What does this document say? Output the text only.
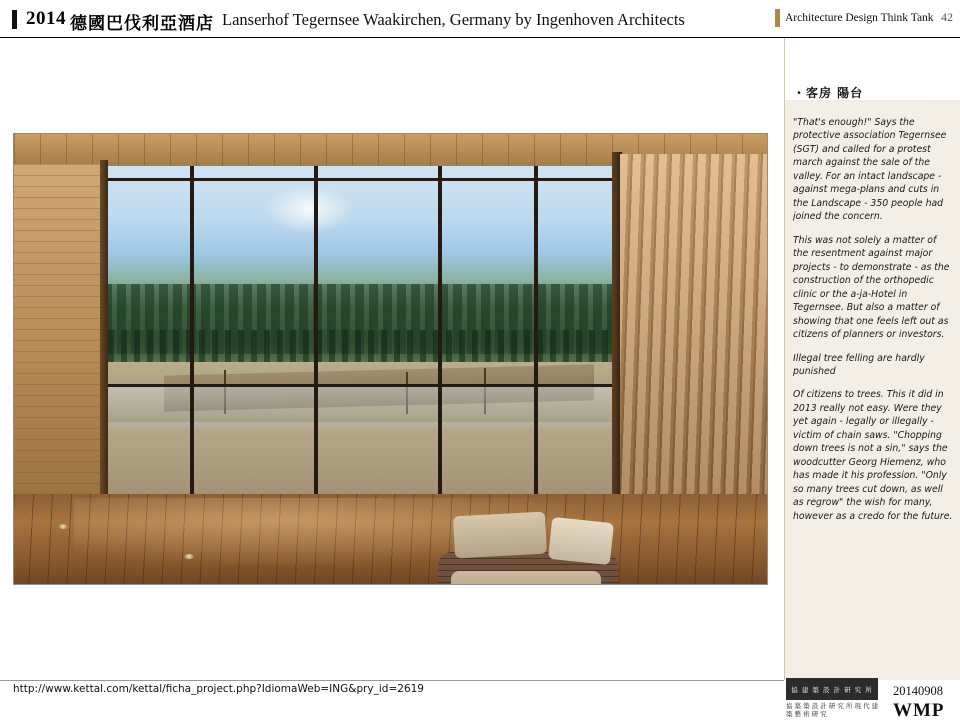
2014 德國巴伐利亞酒店 Lanserhof Tegernsee Waakirchen, Germany by Ingenhoven Architects	Architecture Design Think Tank 42
・客房 陽台

"That's enough!" Says the protective association Tegernsee (SGT) and called for a protest march against the sale of the valley. For an intact landscape - against mega-plans and cuts in the Landscape - 350 people had joined the concern.

This was not solely a matter of the resentment against major projects - to demonstrate - as the construction of the orthopedic clinic or the a-ja-Hotel in Tegernsee. But also a matter of showing that one feels left out as citizens of planners or investors.

Illegal tree felling are hardly punished

Of citizens to trees. This it did in 2013 really not easy. Were they yet again - legally or illegally - victim of chain saws. "Chopping down trees is not a sin," says the woodcutter Georg Hiemenz, who has made it his profession. "Only so many trees cut down, as well as regrow" the wish for many, however as a credo for the future.

http://www.kettal.com/kettal/ficha_project.php?IdiomaWeb=ING&pry_id=2619	協 建 築 設 計 研 究 所
協 築 築 設 計 研 究 所 現 代 建 築 藝 術 研 究
20140908
WMP
